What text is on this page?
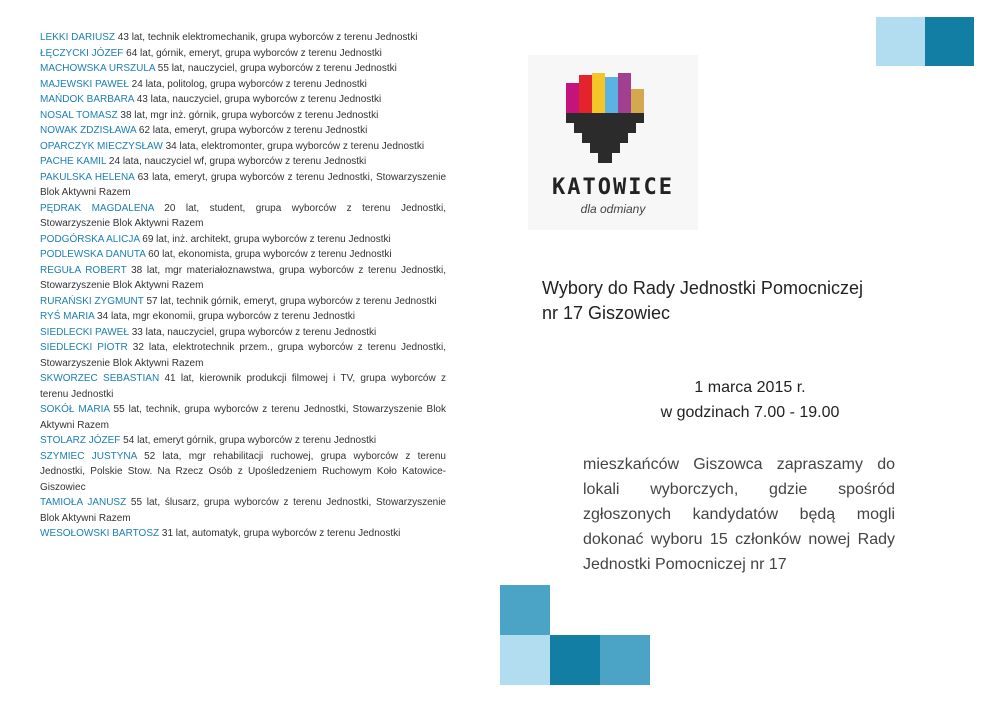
LEKKI DARIUSZ 43 lat, technik elektromechanik, grupa wyborców z terenu Jednostki

ŁĘCZYCKI JÓZEF 64 lat, górnik, emeryt, grupa wyborców z terenu Jednostki

MACHOWSKA URSZULA 55 lat, nauczyciel, grupa wyborców z terenu Jednostki

MAJEWSKI PAWEŁ 24 lata, politolog, grupa wyborców z terenu Jednostki

MAŃDOK BARBARA 43 lata, nauczyciel, grupa wyborców z terenu Jednostki

NOSAL TOMASZ 38 lat, mgr inż. górnik, grupa wyborców z terenu Jednostki

NOWAK ZDZISŁAWA 62 lata, emeryt, grupa wyborców z terenu Jednostki

OPARCZYK MIECZYSŁAW 34 lata, elektromonter, grupa wyborców z terenu Jednostki

PACHE KAMIL 24 lata, nauczyciel wf, grupa wyborców z terenu Jednostki

PAKULSKA HELENA 63 lata, emeryt, grupa wyborców z terenu Jednostki, Stowarzyszenie Blok Aktywni Razem

PĘDRAK MAGDALENA 20 lat, student, grupa wyborców z terenu Jednostki, Stowarzyszenie Blok Aktywni Razem

PODGÓRSKA ALICJA 69 lat, inż. architekt, grupa wyborców z terenu Jednostki

PODLEWSKA DANUTA 60 lat, ekonomista, grupa wyborców z terenu Jednostki

REGUŁA ROBERT 38 lat, mgr materiałoznawstwa, grupa wyborców z terenu Jednostki, Stowarzyszenie Blok Aktywni Razem

RURAŃSKI ZYGMUNT 57 lat, technik górnik, emeryt, grupa wyborców z terenu Jednostki

RYŚ MARIA 34 lata, mgr ekonomii, grupa wyborców z terenu Jednostki

SIEDLECKI PAWEŁ 33 lata, nauczyciel, grupa wyborców z terenu Jednostki

SIEDLECKI PIOTR 32 lata, elektrotechnik przem., grupa wyborców z terenu Jednostki, Stowarzyszenie Blok Aktywni Razem

SKWORZEC SEBASTIAN 41 lat, kierownik produkcji filmowej i TV, grupa wyborców z terenu Jednostki

SOKÓŁ MARIA 55 lat, technik, grupa wyborców z terenu Jednostki, Stowarzyszenie Blok Aktywni Razem

STOLARZ JÓZEF 54 lat, emeryt górnik, grupa wyborców z terenu Jednostki

SZYMIEC JUSTYNA 52 lata, mgr rehabilitacji ruchowej, grupa wyborców z terenu Jednostki, Polskie Stow. Na Rzecz Osób z Upośledzeniem Ruchowym Koło Katowice-Giszowiec

TAMIOŁA JANUSZ 55 lat, ślusarz, grupa wyborców z terenu Jednostki, Stowarzyszenie Blok Aktywni Razem

WESOŁOWSKI BARTOSZ 31 lat, automatyk, grupa wyborców z terenu Jednostki

KATOWICE
dla odmiany
Wybory do Rady Jednostki Pomocniczej
nr 17 Giszowiec
1 marca 2015 r.
w godzinach 7.00 - 19.00
mieszkańców Giszowca zapraszamy do lokali wyborczych, gdzie spośród zgłoszonych kandydatów będą mogli dokonać wyboru 15 członków nowej Rady Jednostki Pomocniczej nr 17
